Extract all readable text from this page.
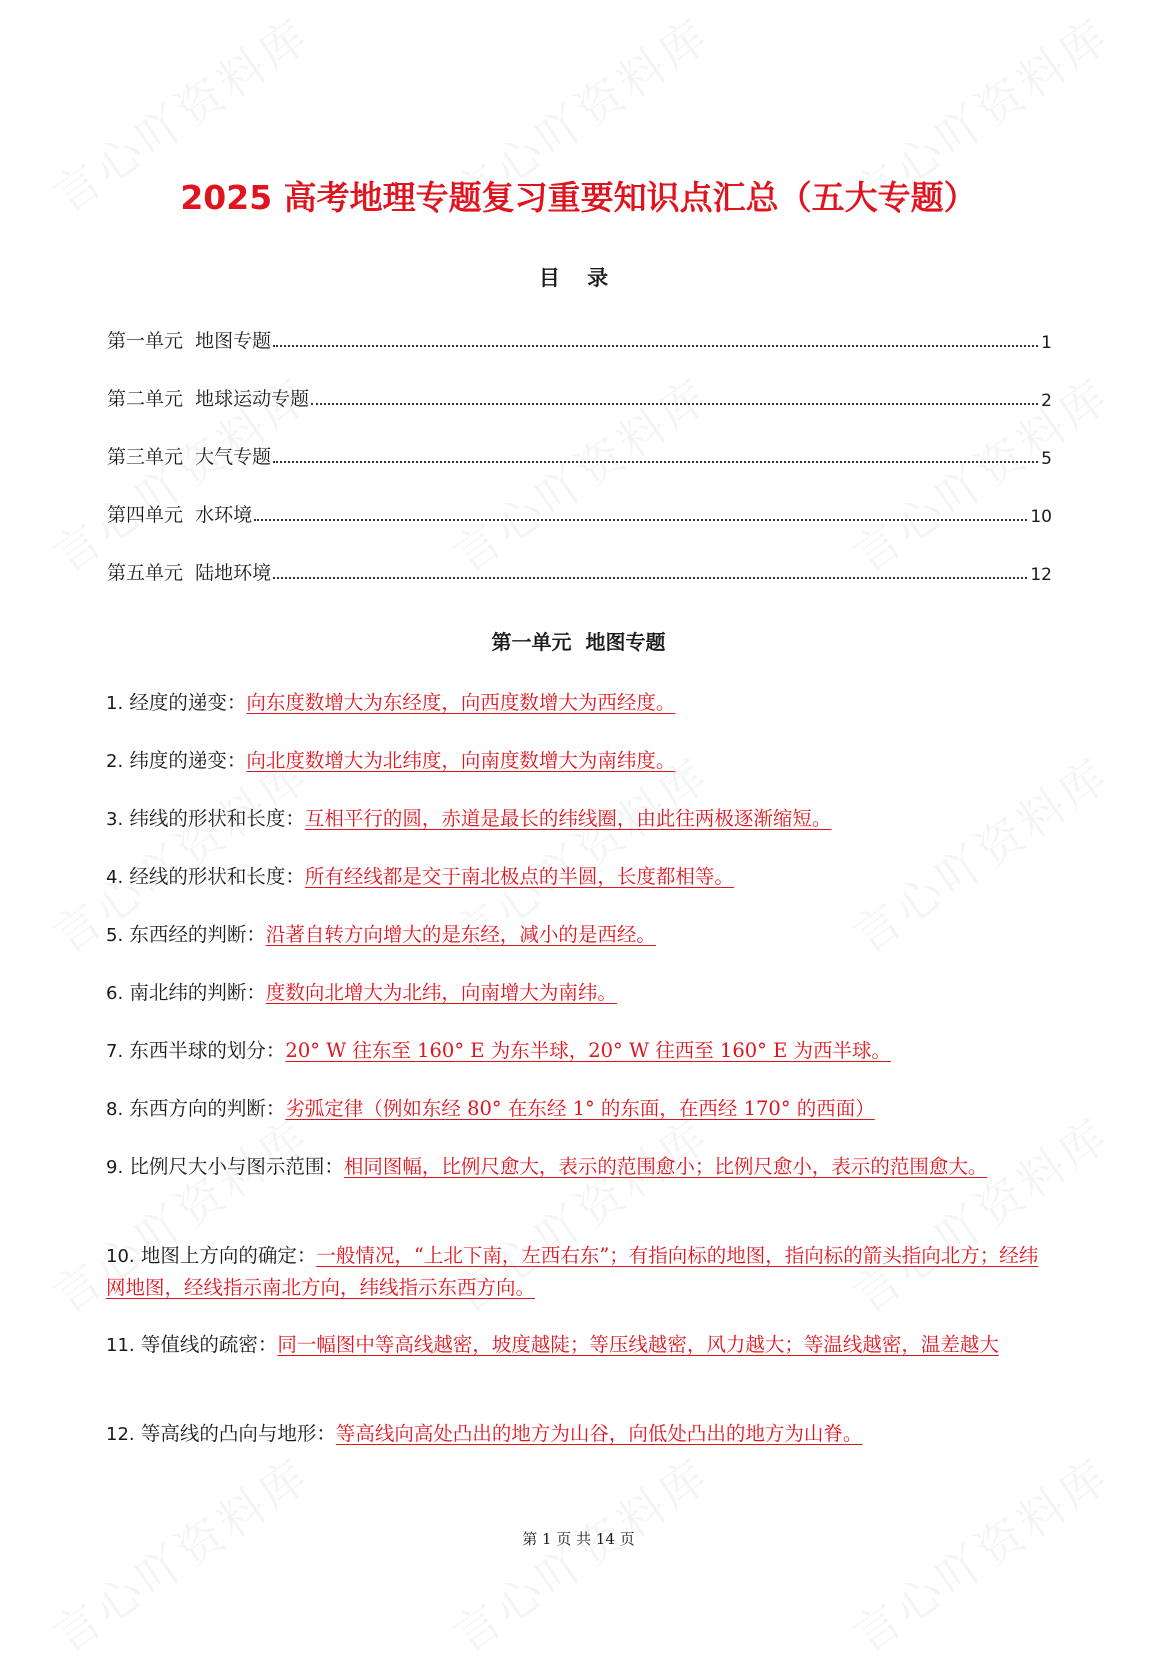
2025 高考地理专题复习重要知识点汇总（五大专题）
目 录
第一单元  地图专题	1
第二单元  地球运动专题	2
第三单元  大气专题	5
第四单元  水环境	10
第五单元  陆地环境	12
第一单元  地图专题
1. 经度的递变：向东度数增大为东经度，向西度数增大为西经度。
2. 纬度的递变：向北度数增大为北纬度，向南度数增大为南纬度。
3. 纬线的形状和长度：互相平行的圆，赤道是最长的纬线圈，由此往两极逐渐缩短。
4. 经线的形状和长度：所有经线都是交于南北极点的半圆，长度都相等。
5. 东西经的判断：沿著自转方向增大的是东经，减小的是西经。
6. 南北纬的判断：度数向北增大为北纬，向南增大为南纬。
7. 东西半球的划分：20° W 往东至 160° E 为东半球，20° W 往西至 160° E 为西半球。
8. 东西方向的判断：劣弧定律（例如东经 80° 在东经 1° 的东面，在西经 170° 的西面）
9. 比例尺大小与图示范围：相同图幅，比例尺愈大，表示的范围愈小；比例尺愈小，表示的范围愈大。
10. 地图上方向的确定：一般情况，“上北下南，左西右东”；有指向标的地图，指向标的箭头指向北方；经纬网地图，经线指示南北方向，纬线指示东西方向。
11. 等值线的疏密：同一幅图中等高线越密，坡度越陡；等压线越密，风力越大；等温线越密，温差越大
12. 等高线的凸向与地形：等高线向高处凸出的地方为山谷，向低处凸出的地方为山脊。
第 1 页 共 14 页
